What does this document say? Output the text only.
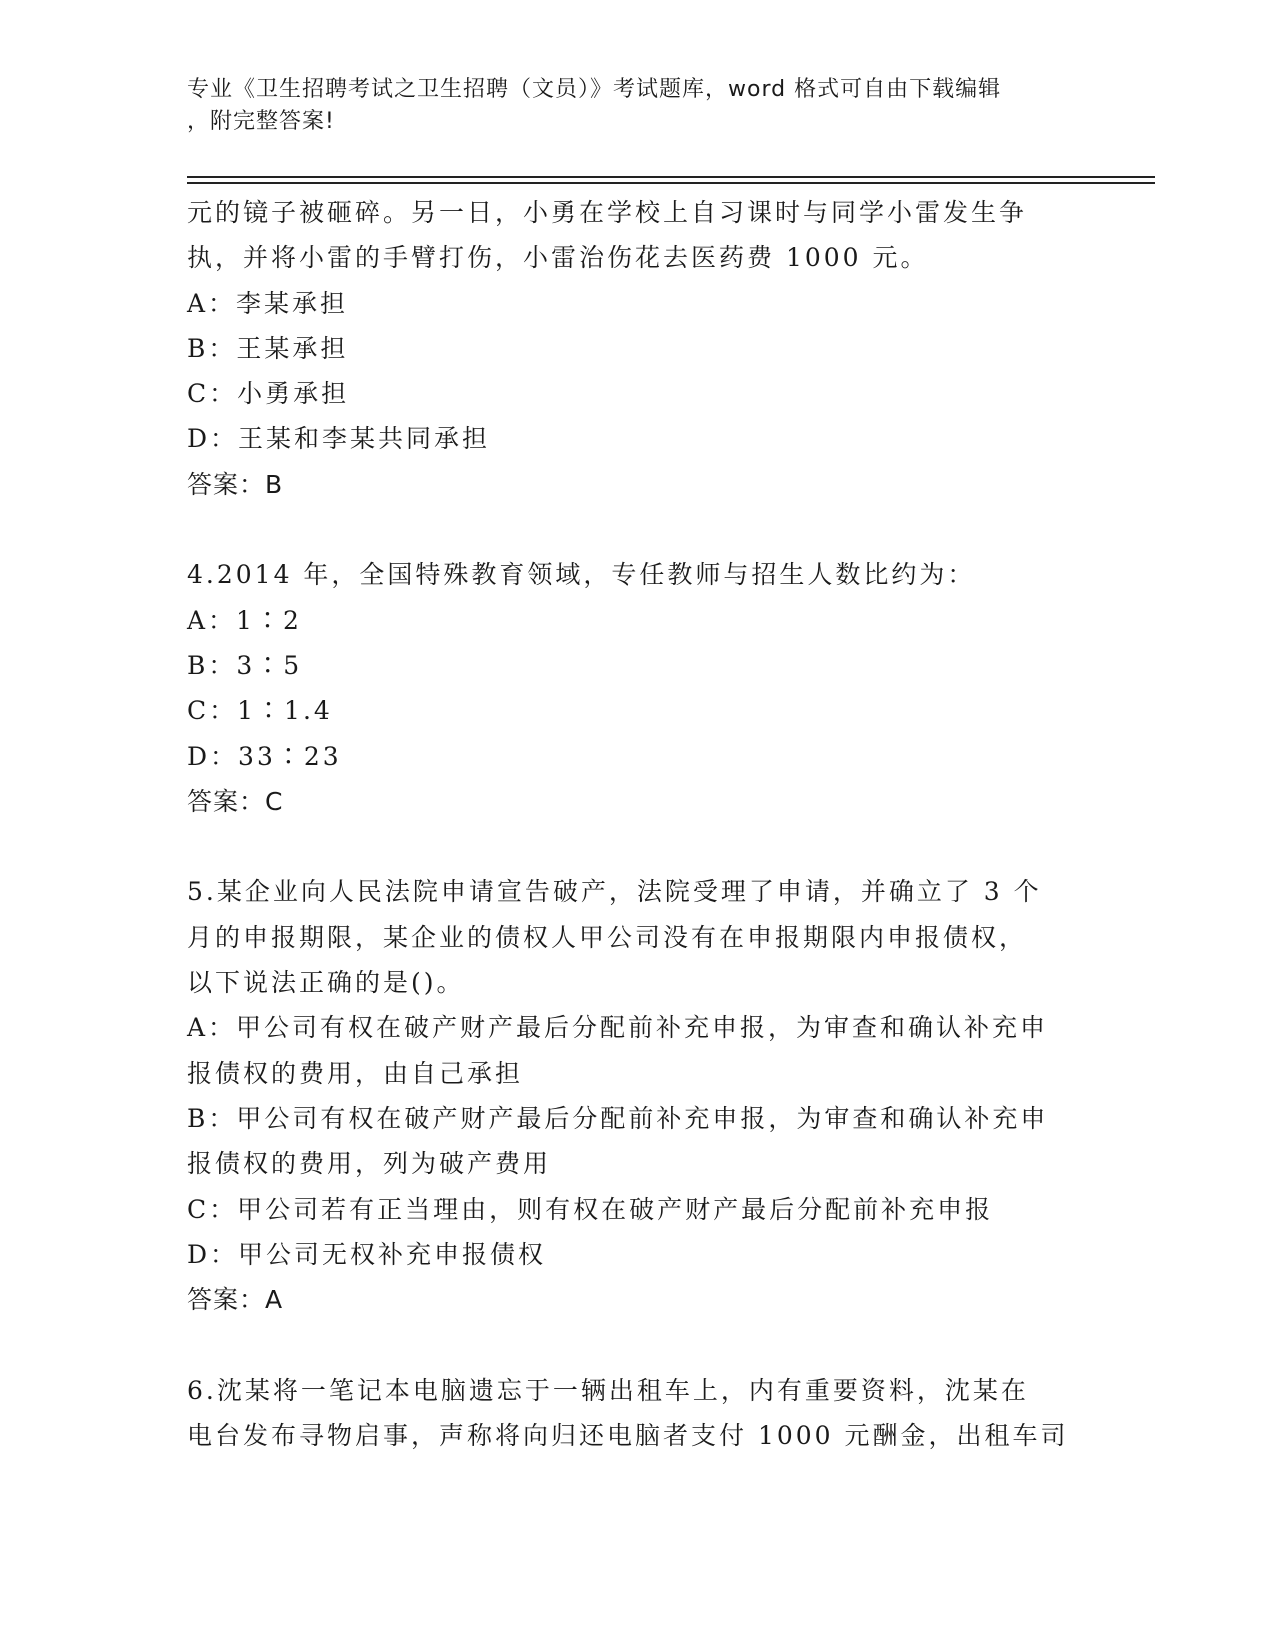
专业《卫生招聘考试之卫生招聘（文员）》考试题库，word 格式可自由下载编辑
，附完整答案!

元的镜子被砸碎。另一日，小勇在学校上自习课时与同学小雷发生争

执，并将小雷的手臂打伤，小雷治伤花去医药费 1000 元。

A：李某承担

B：王某承担

C：小勇承担

D：王某和李某共同承担

答案：B

4.2014 年，全国特殊教育领域，专任教师与招生人数比约为：

A：1∶2

B：3∶5

C：1∶1.4

D：33∶23

答案：C

5.某企业向人民法院申请宣告破产，法院受理了申请，并确立了 3 个

月的申报期限，某企业的债权人甲公司没有在申报期限内申报债权，

以下说法正确的是()。

A：甲公司有权在破产财产最后分配前补充申报，为审查和确认补充申

报债权的费用，由自己承担

B：甲公司有权在破产财产最后分配前补充申报，为审查和确认补充申

报债权的费用，列为破产费用

C：甲公司若有正当理由，则有权在破产财产最后分配前补充申报

D：甲公司无权补充申报债权

答案：A

6.沈某将一笔记本电脑遗忘于一辆出租车上，内有重要资料，沈某在

电台发布寻物启事，声称将向归还电脑者支付 1000 元酬金，出租车司
